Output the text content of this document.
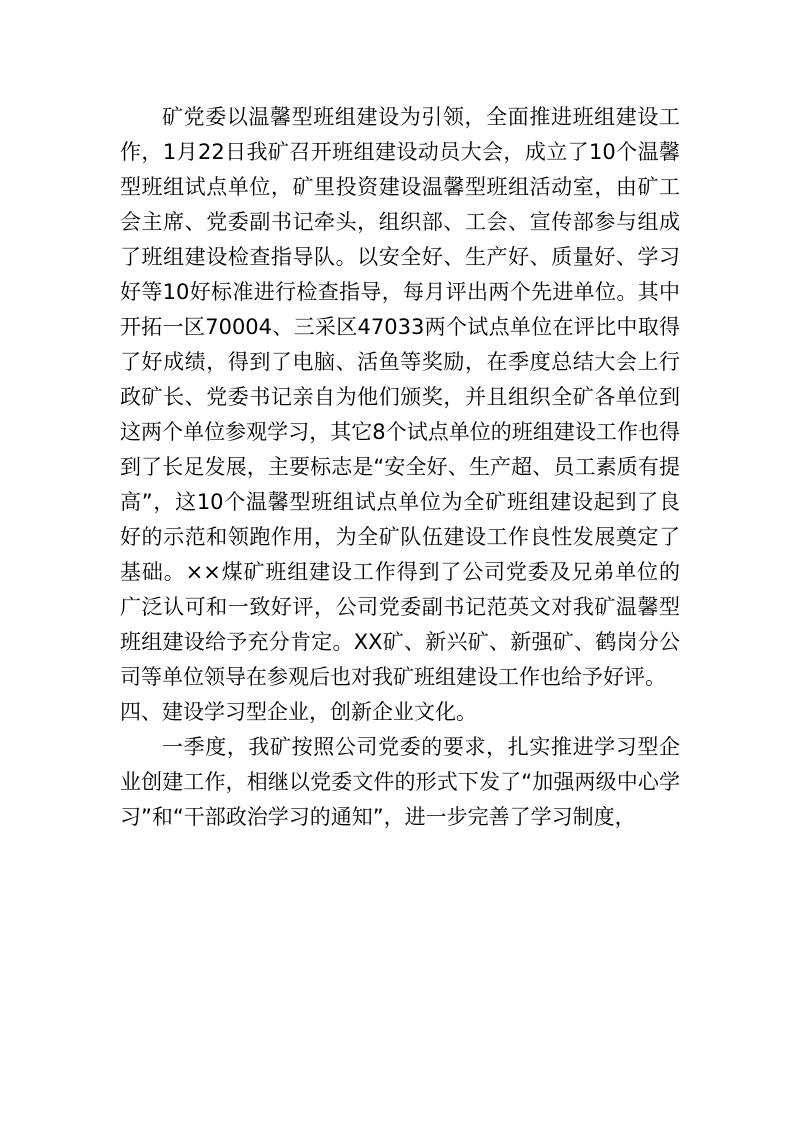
矿党委以温馨型班组建设为引领，全面推进班组建设工作，1月22日我矿召开班组建设动员大会，成立了10个温馨型班组试点单位，矿里投资建设温馨型班组活动室，由矿工会主席、党委副书记牵头，组织部、工会、宣传部参与组成了班组建设检查指导队。以安全好、生产好、质量好、学习好等10好标准进行检查指导，每月评出两个先进单位。其中开拓一区70004、三采区47033两个试点单位在评比中取得了好成绩，得到了电脑、活鱼等奖励，在季度总结大会上行政矿长、党委书记亲自为他们颁奖，并且组织全矿各单位到这两个单位参观学习，其它8个试点单位的班组建设工作也得到了长足发展，主要标志是“安全好、生产超、员工素质有提高”，这10个温馨型班组试点单位为全矿班组建设起到了良好的示范和领跑作用，为全矿队伍建设工作良性发展奠定了基础。××煤矿班组建设工作得到了公司党委及兄弟单位的广泛认可和一致好评，公司党委副书记范英文对我矿温馨型班组建设给予充分肯定。XX矿、新兴矿、新强矿、鹤岗分公司等单位领导在参观后也对我矿班组建设工作也给予好评。

四、建设学习型企业，创新企业文化。

一季度，我矿按照公司党委的要求，扎实推进学习型企业创建工作，相继以党委文件的形式下发了“加强两级中心学习”和“干部政治学习的通知”，进一步完善了学习制度，
